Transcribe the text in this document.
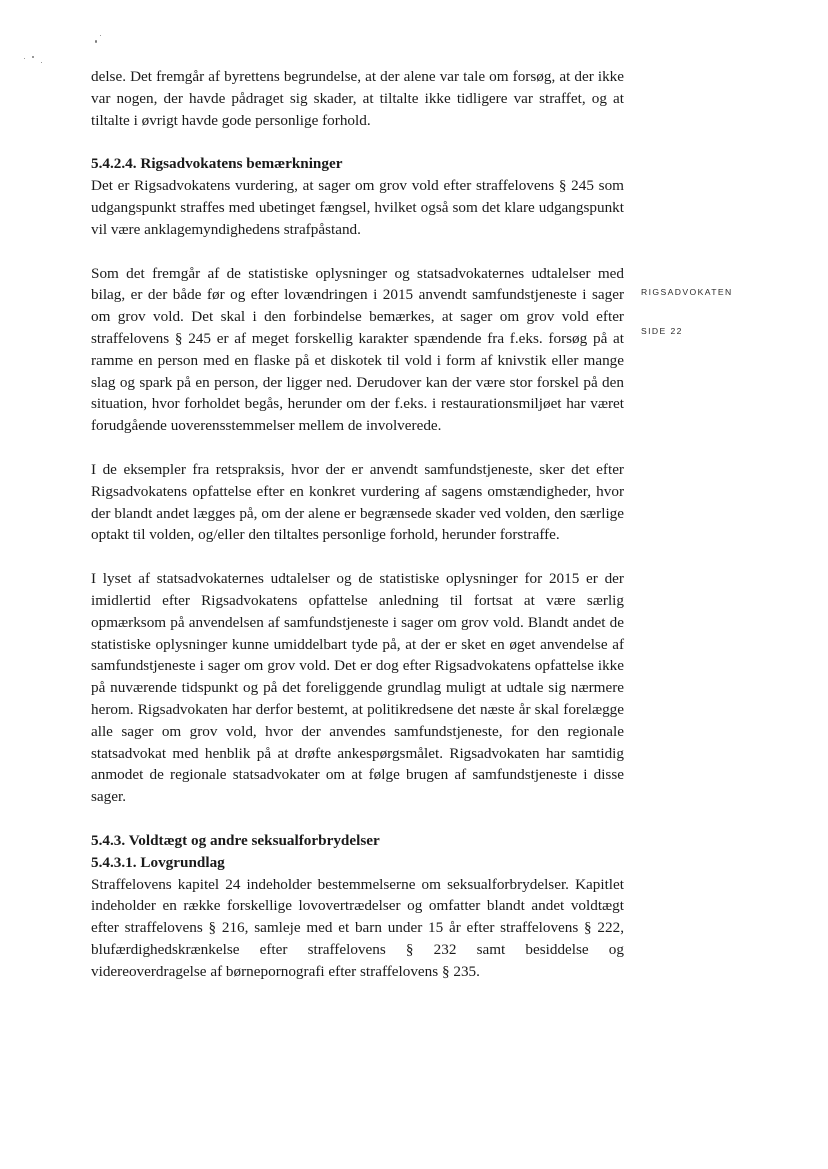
delse. Det fremgår af byrettens begrundelse, at der alene var tale om forsøg, at der ikke var nogen, der havde pådraget sig skader, at tiltalte ikke tidligere var straffet, og at tiltalte i øvrigt havde gode personlige forhold.

5.4.2.4. Rigsadvokatens bemærkninger

Det er Rigsadvokatens vurdering, at sager om grov vold efter straffelovens § 245 som udgangspunkt straffes med ubetinget fængsel, hvilket også som det klare udgangspunkt vil være anklagemyndighedens strafpåstand.

Som det fremgår af de statistiske oplysninger og statsadvokaternes udtalelser med bilag, er der både før og efter lovændringen i 2015 anvendt samfundstjeneste i sager om grov vold. Det skal i den forbindelse bemærkes, at sager om grov vold efter straffelovens § 245 er af meget forskellig karakter spændende fra f.eks. forsøg på at ramme en person med en flaske på et diskotek til vold i form af knivstik eller mange slag og spark på en person, der ligger ned. Derudover kan der være stor forskel på den situation, hvor forholdet begås, herunder om der f.eks. i restaurationsmiljøet har været forudgående uoverensstemmelser mellem de involverede.

I de eksempler fra retspraksis, hvor der er anvendt samfundstjeneste, sker det efter Rigsadvokatens opfattelse efter en konkret vurdering af sagens omstændigheder, hvor der blandt andet lægges på, om der alene er begrænsede skader ved volden, den særlige optakt til volden, og/eller den tiltaltes personlige forhold, herunder forstraffe.

I lyset af statsadvokaternes udtalelser og de statistiske oplysninger for 2015 er der imidlertid efter Rigsadvokatens opfattelse anledning til fortsat at være særlig opmærksom på anvendelsen af samfundstjeneste i sager om grov vold. Blandt andet de statistiske oplysninger kunne umiddelbart tyde på, at der er sket en øget anvendelse af samfundstjeneste i sager om grov vold. Det er dog efter Rigsadvokatens opfattelse ikke på nuværende tidspunkt og på det foreliggende grundlag muligt at udtale sig nærmere herom. Rigsadvokaten har derfor bestemt, at politikredsene det næste år skal forelægge alle sager om grov vold, hvor der anvendes samfundstjeneste, for den regionale statsadvokat med henblik på at drøfte ankespørgsmålet. Rigsadvokaten har samtidig anmodet de regionale statsadvokater om at følge brugen af samfundstjeneste i disse sager.

5.4.3. Voldtægt og andre seksualforbrydelser
5.4.3.1. Lovgrundlag

Straffelovens kapitel 24 indeholder bestemmelserne om seksualforbrydelser. Kapitlet indeholder en række forskellige lovovertrædelser og omfatter blandt andet voldtægt efter straffelovens § 216, samleje med et barn under 15 år efter straffelovens § 222, blufærdighedskrænkelse efter straffelovens § 232 samt besiddelse og videreoverdragelse af børnepornografi efter straffelovens § 235.

RIGSADVOKATEN
SIDE 22
